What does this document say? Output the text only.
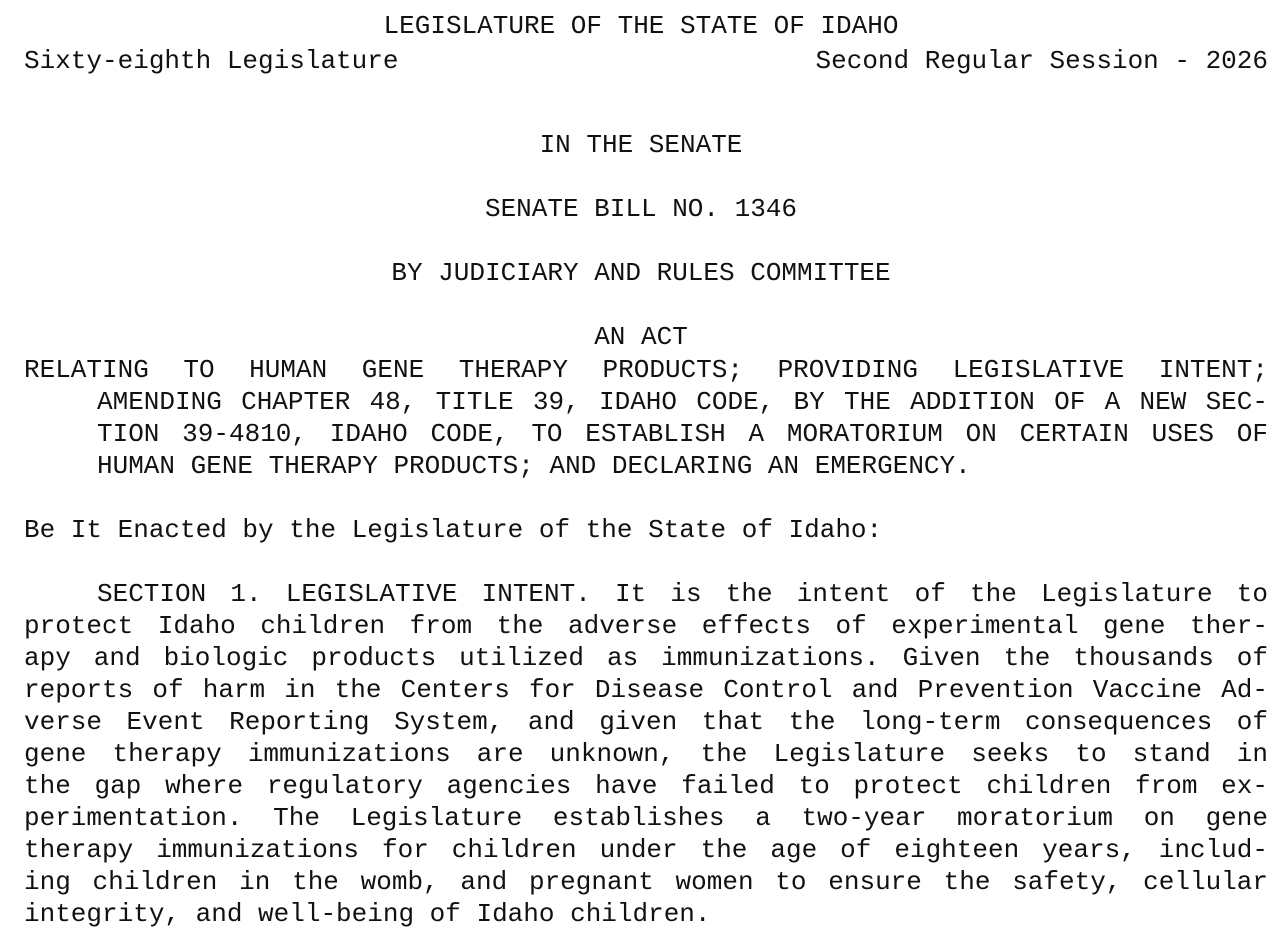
LEGISLATURE OF THE STATE OF IDAHO
Sixty-eighth Legislature	Second Regular Session - 2026
IN THE SENATE
SENATE BILL NO. 1346
BY JUDICIARY AND RULES COMMITTEE
AN ACT
RELATING TO HUMAN GENE THERAPY PRODUCTS; PROVIDING LEGISLATIVE INTENT;
AMENDING CHAPTER 48, TITLE 39, IDAHO CODE, BY THE ADDITION OF A NEW SEC-
TION 39-4810, IDAHO CODE, TO ESTABLISH A MORATORIUM ON CERTAIN USES OF
HUMAN GENE THERAPY PRODUCTS; AND DECLARING AN EMERGENCY.
Be It Enacted by the Legislature of the State of Idaho:
SECTION 1. LEGISLATIVE INTENT. It is the intent of the Legislature to
protect Idaho children from the adverse effects of experimental gene ther-
apy and biologic products utilized as immunizations. Given the thousands of
reports of harm in the Centers for Disease Control and Prevention Vaccine Ad-
verse Event Reporting System, and given that the long-term consequences of
gene therapy immunizations are unknown, the Legislature seeks to stand in
the gap where regulatory agencies have failed to protect children from ex-
perimentation. The Legislature establishes a two-year moratorium on gene
therapy immunizations for children under the age of eighteen years, includ-
ing children in the womb, and pregnant women to ensure the safety, cellular
integrity, and well-being of Idaho children.
